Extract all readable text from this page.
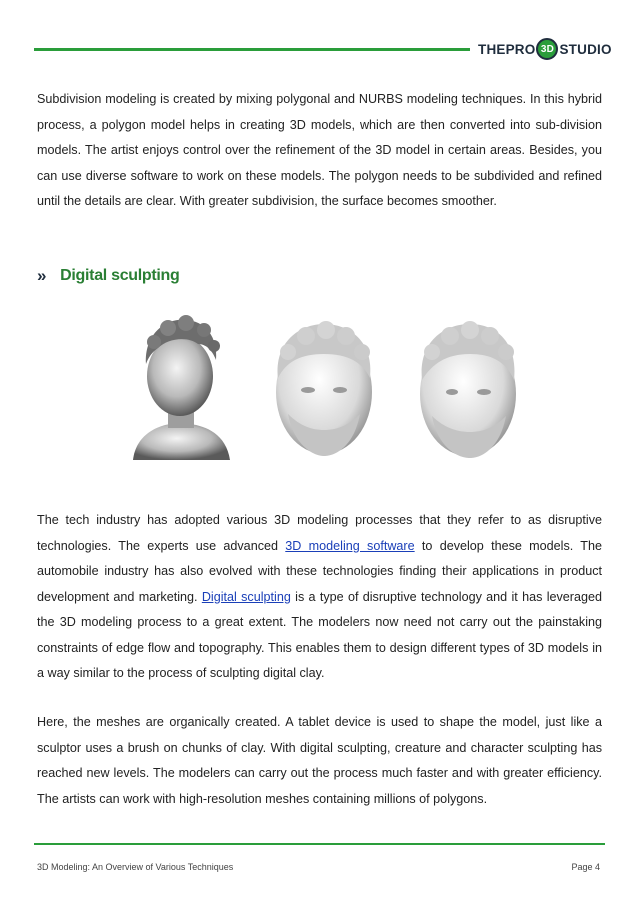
THEPRO 3D STUDIO

Subdivision modeling is created by mixing polygonal and NURBS modeling techniques. In this hybrid process, a polygon model helps in creating 3D models, which are then converted into sub-division models. The artist enjoys control over the refinement of the 3D model in certain areas. Besides, you can use diverse software to work on these models. The polygon needs to be subdivided and refined until the details are clear. With greater subdivision, the surface becomes smoother.

» Digital sculpting

The tech industry has adopted various 3D modeling processes that they refer to as disruptive technologies. The experts use advanced 3D modeling software to develop these models. The automobile industry has also evolved with these technologies finding their applications in product development and marketing. Digital sculpting is a type of disruptive technology and it has leveraged the 3D modeling process to a great extent. The modelers now need not carry out the painstaking constraints of edge flow and topography. This enables them to design different types of 3D models in a way similar to the process of sculpting digital clay.

Here, the meshes are organically created. A tablet device is used to shape the model, just like a sculptor uses a brush on chunks of clay. With digital sculpting, creature and character sculpting has reached new levels. The modelers can carry out the process much faster and with greater efficiency. The artists can work with high-resolution meshes containing millions of polygons.

3D Modeling: An Overview of Various Techniques	Page 4
